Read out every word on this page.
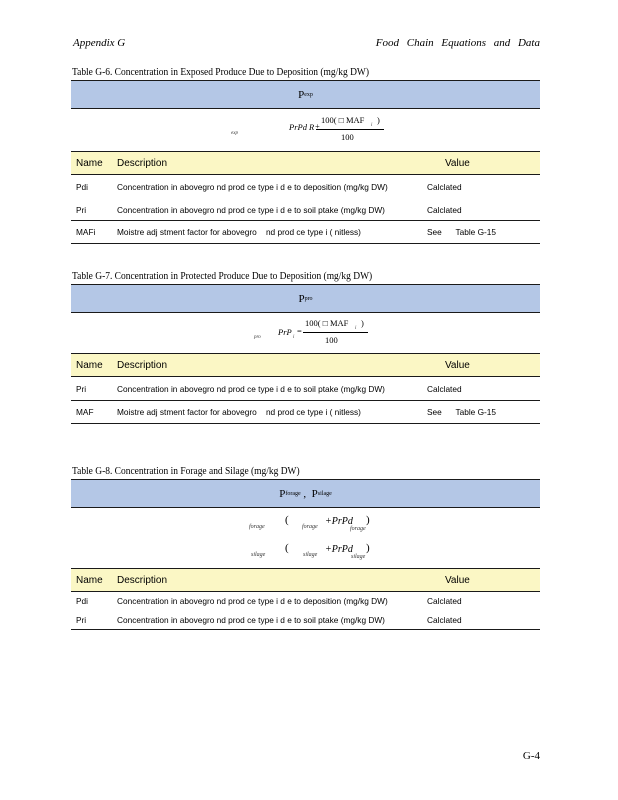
Appendix G	Food Chain Equations and Data
Table G-6. Concentration in Exposed Produce Due to Deposition (mg/kg DW)
P exp
exp
PrPd R +
100( □ MAF
i
)
100
Name	Description	Value
Pdi	Concentration in abovegro nd prod ce type i d e to deposition (mg/kg DW)	Calclated
Pri	Concentration in abovegro nd prod ce type i d e to soil ptake (mg/kg DW)	Calclated
MAFi	Moistre adj stment factor for abovegro    nd prod ce type i ( nitless)	See      Table G-15
Table G-7. Concentration in Protected Produce Due to Deposition (mg/kg DW)
P pro
pro
PrP
i
=
100( □ MAF
i
)
100
Name	Description	Value
Pri	Concentration in abovegro nd prod ce type i d e to soil ptake (mg/kg DW)	Calclated
MAF	Moistre adj stment factor for abovegro    nd prod ce type i ( nitless)	See      Table G-15
Table G-8. Concentration in Forage and Silage (mg/kg DW)
P forage , P silage
forage
(
forage +PrPd
forage
)
silage
(
silage +PrPd
silage
)
Name	Description	Value
Pdi	Concentration in abovegro nd prod ce type i d e to deposition (mg/kg DW)	Calclated
Pri	Concentration in abovegro nd prod ce type i d e to soil ptake (mg/kg DW)	Calclated
G-4
